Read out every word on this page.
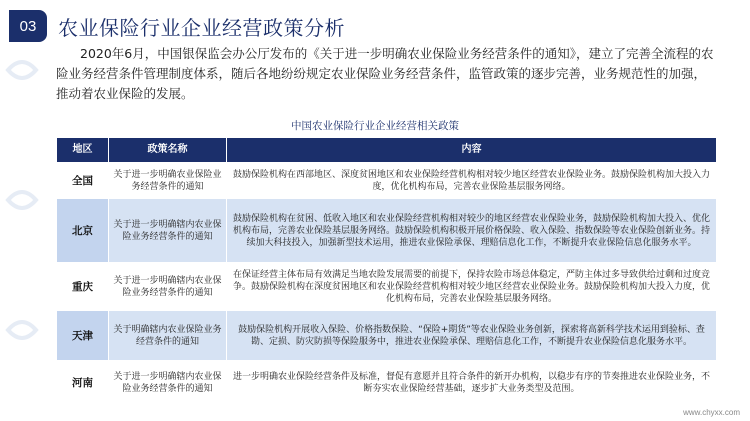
03	农业保险行业企业经营政策分析
2020年6月，中国银保监会办公厅发布的《关于进一步明确农业保险业务经营条件的通知》，建立了完善全流程的农险业务经营条件管理制度体系，随后各地纷纷规定农业保险业务经营条件，监管政策的逐步完善，业务规范性的加强，推动着农业保险的发展。
中国农业保险行业企业经营相关政策
地区	政策名称	内容
全国	关于进一步明确农业保险业务经营条件的通知	鼓励保险机构在西部地区、深度贫困地区和农业保险经营机构相对较少地区经营农业保险业务。鼓励保险机构加大投入力度，优化机构布局，完善农业保险基层服务网络。
北京	关于进一步明确辖内农业保险业务经营条件的通知	鼓励保险机构在贫困、低收入地区和农业保险经营机构相对较少的地区经营农业保险业务，鼓励保险机构加大投入、优化机构布局，完善农业保险基层服务网络。鼓励保险机构积极开展价格保险、收入保险、指数保险等农业保险创新业务。持续加大科技投入，加强新型技术运用，推进农业保险承保、理赔信息化工作，不断提升农业保险信息化服务水平。
重庆	关于进一步明确辖内农业保险业务经营条件的通知	在保证经营主体布局有效满足当地农险发展需要的前提下，保持农险市场总体稳定，严防主体过多导致供给过剩和过度竞争。鼓励保险机构在深度贫困地区和农业保险经营机构相对较少地区经营农业保险业务。鼓励保险机构加大投入力度，优化机构布局，完善农业保险基层服务网络。
天津	关于明确辖内农业保险业务经营条件的通知	鼓励保险机构开展收入保险、价格指数保险、“保险+期货”等农业保险业务创新，探索将高新科学技术运用到验标、查勘、定损、防灾防损等保险服务中，推进农业保险承保、理赔信息化工作，不断提升农业保险信息化服务水平。
河南	关于进一步明确辖内农业保险业务经营条件的通知	进一步明确农业保险经营条件及标准，督促有意愿并且符合条件的新开办机构，以稳步有序的节奏推进农业保险业务，不断夯实农业保险经营基础，逐步扩大业务类型及范围。
www.chyxx.com
